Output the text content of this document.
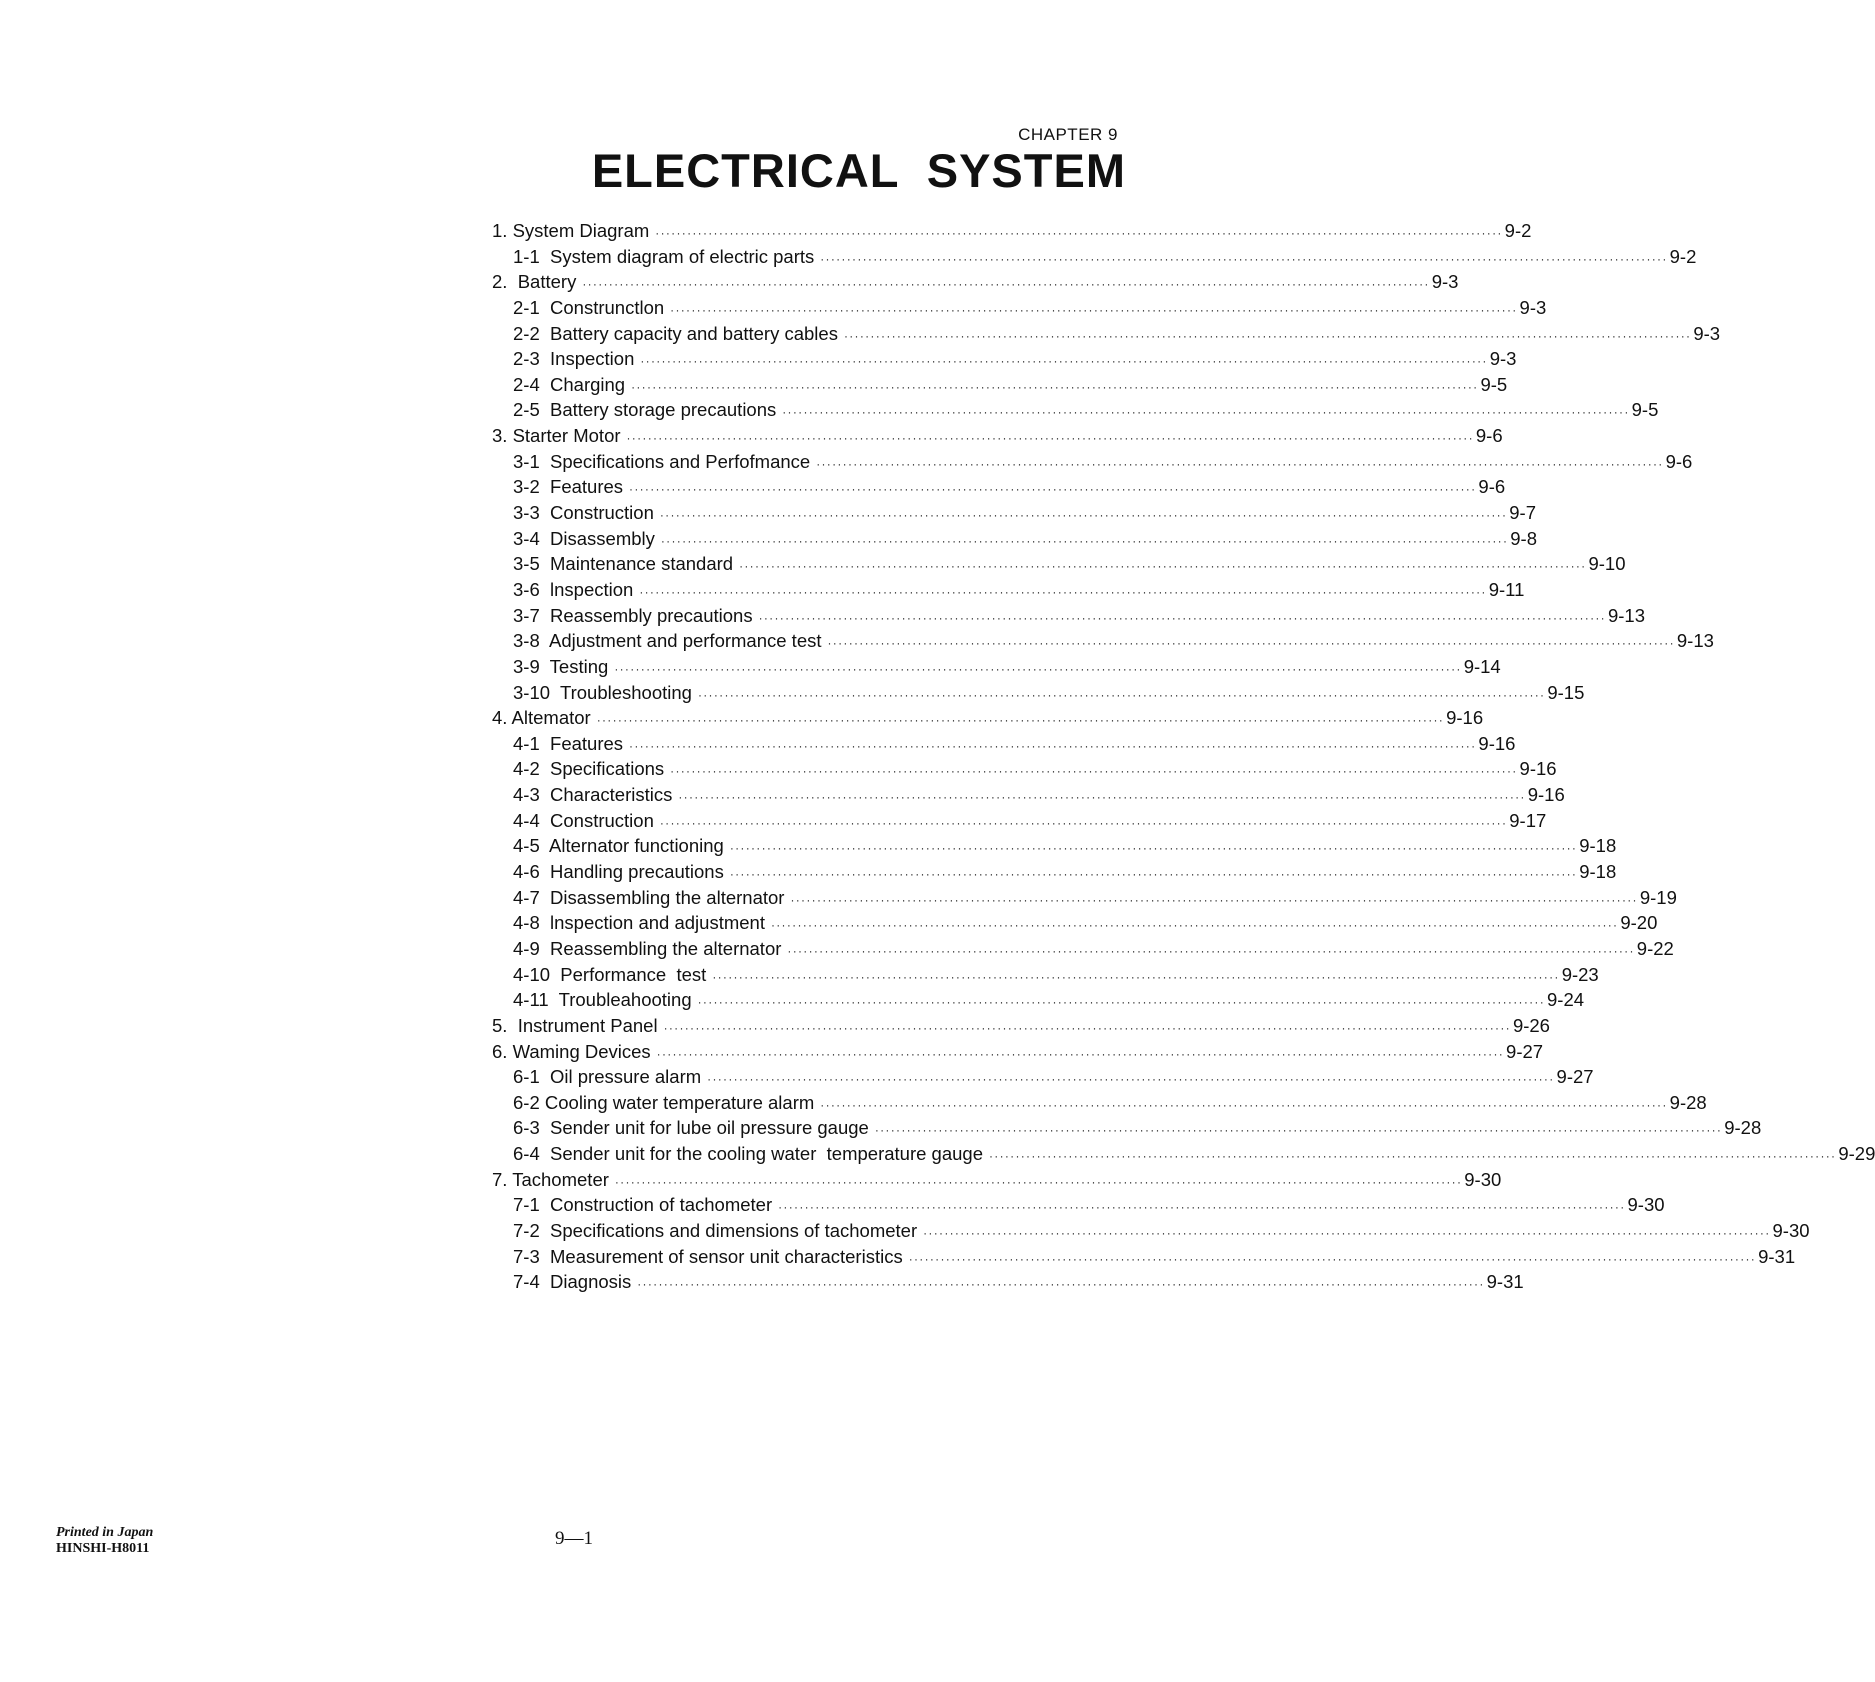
CHAPTER 9
ELECTRICAL  SYSTEM
1. System Diagram ································································································································································ 9-2
1-1  System diagram of electric parts ································································································································································ 9-2
2.  Battery ································································································································································ 9-3
2-1  Construnctlon ································································································································································ 9-3
2-2  Battery capacity and battery cables ································································································································································ 9-3
2-3  Inspection ································································································································································ 9-3
2-4  Charging ································································································································································ 9-5
2-5  Battery storage precautions ································································································································································ 9-5
3. Starter Motor ································································································································································ 9-6
3-1  Specifications and Perfofmance ································································································································································ 9-6
3-2  Features ································································································································································ 9-6
3-3  Construction ································································································································································ 9-7
3-4  Disassembly ································································································································································ 9-8
3-5  Maintenance standard ································································································································································ 9-10
3-6  lnspection ································································································································································ 9-11
3-7  Reassembly precautions ································································································································································ 9-13
3-8  Adjustment and performance test ································································································································································ 9-13
3-9  Testing ································································································································································ 9-14
3-10  Troubleshooting ································································································································································ 9-15
4. Altemator ································································································································································ 9-16
4-1  Features ································································································································································ 9-16
4-2  Specifications ································································································································································ 9-16
4-3  Characteristics ································································································································································ 9-16
4-4  Construction ································································································································································ 9-17
4-5  Alternator functioning ································································································································································ 9-18
4-6  Handling precautions ································································································································································ 9-18
4-7  Disassembling the alternator ································································································································································ 9-19
4-8  lnspection and adjustment ································································································································································ 9-20
4-9  Reassembling the alternator ································································································································································ 9-22
4-10  Performance  test ································································································································································ 9-23
4-11  Troubleahooting ································································································································································ 9-24
5.  Instrument Panel ································································································································································ 9-26
6. Waming Devices ································································································································································ 9-27
6-1  Oil pressure alarm ································································································································································ 9-27
6-2 Cooling water temperature alarm ································································································································································ 9-28
6-3  Sender unit for lube oil pressure gauge ································································································································································ 9-28
6-4  Sender unit for the cooling water  temperature gauge ································································································································································ 9-29
7. Tachometer ································································································································································ 9-30
7-1  Construction of tachometer ································································································································································ 9-30
7-2  Specifications and dimensions of tachometer ································································································································································ 9-30
7-3  Measurement of sensor unit characteristics ································································································································································ 9-31
7-4  Diagnosis ································································································································································ 9-31
Printed in Japan
HINSHI-H8011	9—1
